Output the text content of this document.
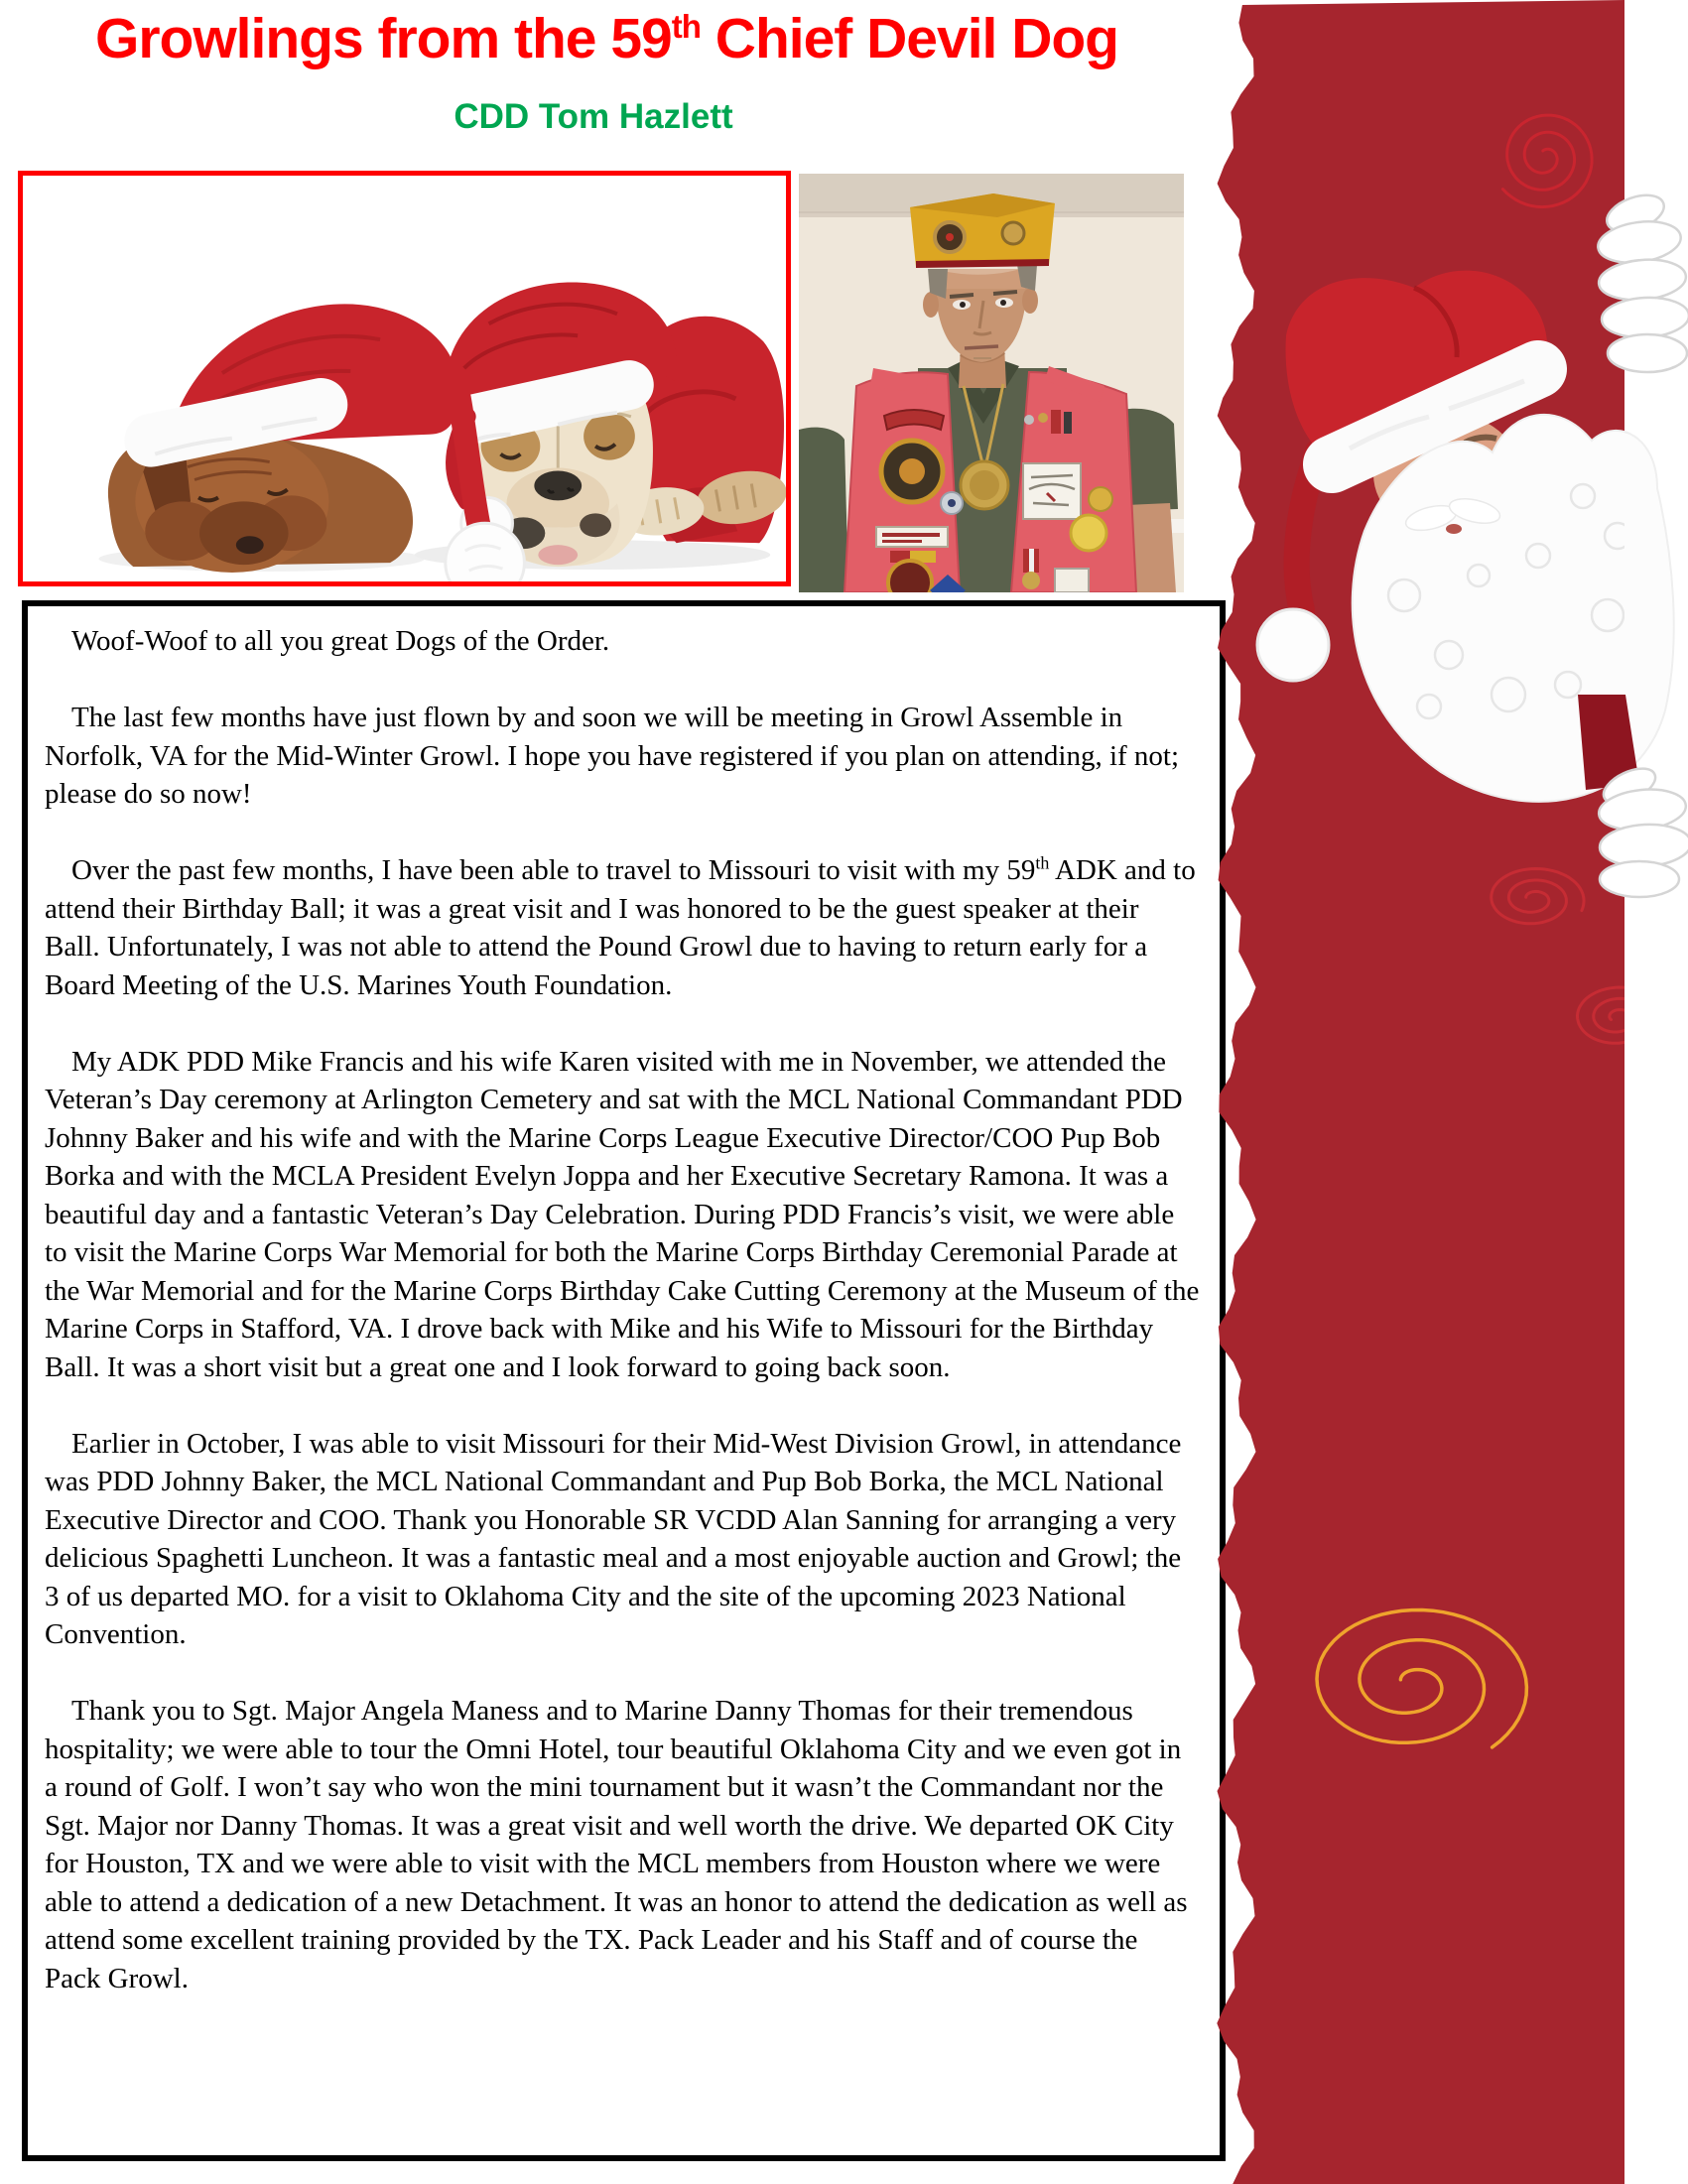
Growlings from the 59th Chief Devil Dog
CDD Tom Hazlett

Woof-Woof to all you great Dogs of the Order.

The last few months have just flown by and soon we will be meeting in Growl Assemble in Norfolk, VA for the Mid-Winter Growl. I hope you have registered if you plan on attending, if not; please do so now!

Over the past few months, I have been able to travel to Missouri to visit with my 59th ADK and to attend their Birthday Ball; it was a great visit and I was honored to be the guest speaker at their Ball. Unfortunately, I was not able to attend the Pound Growl due to having to return early for a Board Meeting of the U.S. Marines Youth Foundation.

My ADK PDD Mike Francis and his wife Karen visited with me in November, we attended the Veteran’s Day ceremony at Arlington Cemetery and sat with the MCL National Commandant PDD Johnny Baker and his wife and with the Marine Corps League Executive Director/COO Pup Bob Borka and with the MCLA President Evelyn Joppa and her Executive Secretary Ramona. It was a beautiful day and a fantastic Veteran’s Day Celebration. During PDD Francis’s visit, we were able to visit the Marine Corps War Memorial for both the Marine Corps Birthday Ceremonial Parade at the War Memorial and for the Marine Corps Birthday Cake Cutting Ceremony at the Museum of the Marine Corps in Stafford, VA. I drove back with Mike and his Wife to Missouri for the Birthday Ball. It was a short visit but a great one and I look forward to going back soon.

Earlier in October, I was able to visit Missouri for their Mid-West Division Growl, in attendance was PDD Johnny Baker, the MCL National Commandant and Pup Bob Borka, the MCL National Executive Director and COO. Thank you Honorable SR VCDD Alan Sanning for arranging a very delicious Spaghetti Luncheon. It was a fantastic meal and a most enjoyable auction and Growl; the 3 of us departed MO. for a visit to Oklahoma City and the site of the upcoming 2023 National Convention.

Thank you to Sgt. Major Angela Maness and to Marine Danny Thomas for their tremendous hospitality; we were able to tour the Omni Hotel, tour beautiful Oklahoma City and we even got in a round of Golf. I won’t say who won the mini tournament but it wasn’t the Commandant nor the Sgt. Major nor Danny Thomas. It was a great visit and well worth the drive. We departed OK City for Houston, TX and we were able to visit with the MCL members from Houston where we were able to attend a dedication of a new Detachment. It was an honor to attend the dedication as well as attend some excellent training provided by the TX. Pack Leader and his Staff and of course the Pack Growl.
